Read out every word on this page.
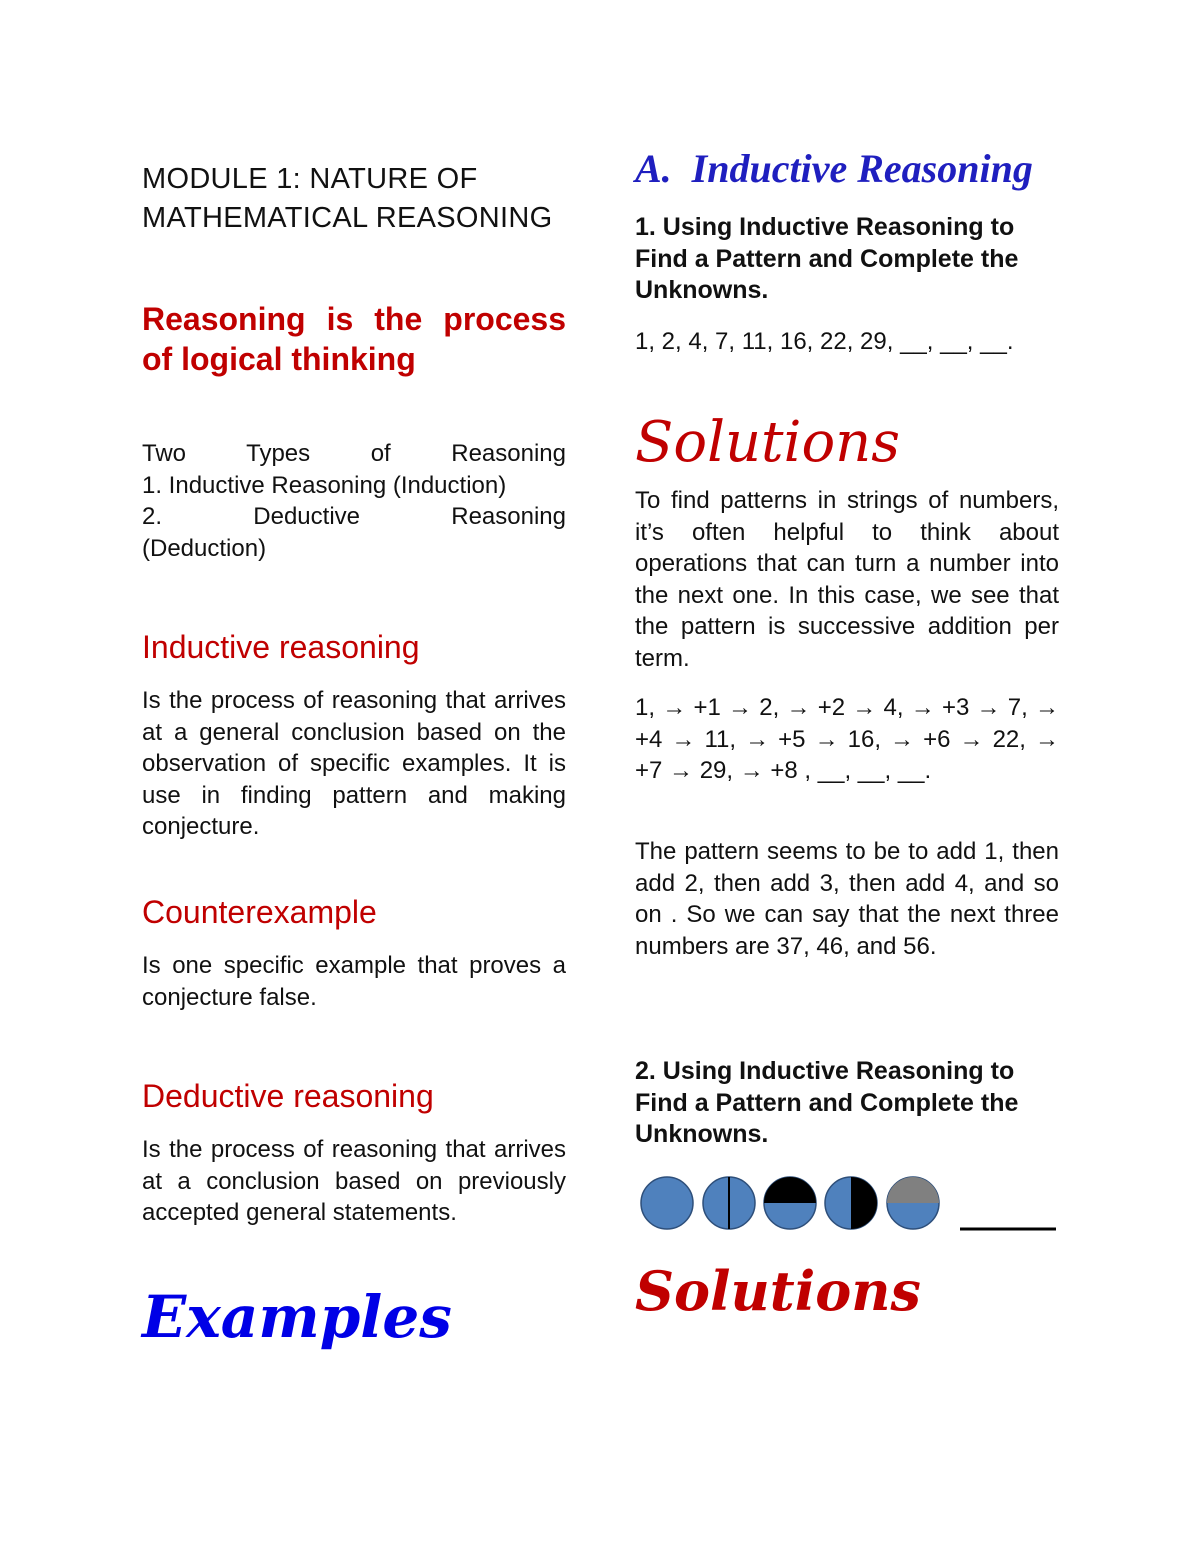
MODULE 1: NATURE OF MATHEMATICAL REASONING
Reasoning is the process of logical thinking
Two Types of Reasoning
1. Inductive Reasoning (Induction)
2. Deductive Reasoning (Deduction)
Inductive reasoning
Is the process of reasoning that arrives at a general conclusion based on the observation of specific examples. It is use in finding pattern and making conjecture.
Counterexample
Is one specific example that proves a conjecture false.
Deductive reasoning
Is the process of reasoning that arrives at a conclusion based on previously accepted general statements.
Examples
A.  Inductive Reasoning
1. Using Inductive Reasoning to Find a Pattern and Complete the Unknowns.
1, 2, 4, 7, 11, 16, 22, 29, __, __, __.
Solutions
To find patterns in strings of numbers, it’s often helpful to think about operations that can turn a number into the next one. In this case, we see that the pattern is successive addition per term.
1, → +1 → 2, → +2 → 4, → +3 → 7, → +4 → 11, → +5 → 16, → +6 → 22, → +7 → 29, → +8 , __, __, __.
The pattern seems to be to add 1, then add 2, then add 3, then add 4, and so on . So we can say that the next three numbers are 37, 46, and 56.
2. Using Inductive Reasoning to Find a Pattern and Complete the Unknowns.
Solutions
